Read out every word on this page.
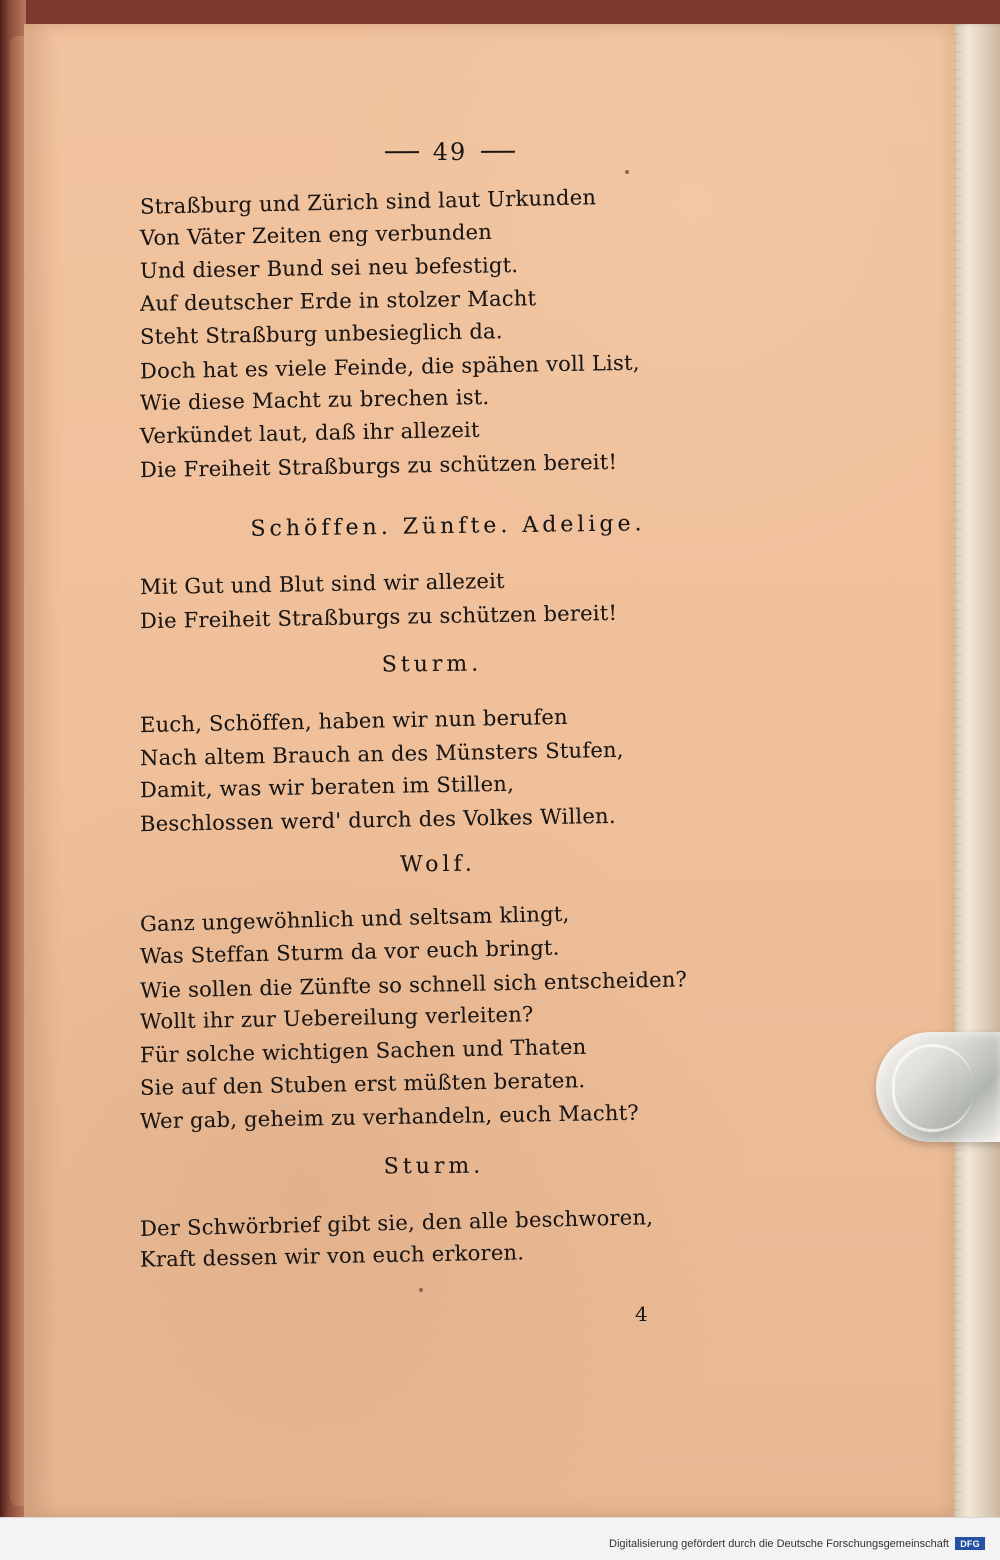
49
Straßburg und Zürich sind laut Urkunden
Von Väter Zeiten eng verbunden
Und dieser Bund sei neu befestigt.
Auf deutscher Erde in stolzer Macht
Steht Straßburg unbesieglich da.
Doch hat es viele Feinde, die spähen voll List,
Wie diese Macht zu brechen ist.
Verkündet laut, daß ihr allezeit
Die Freiheit Straßburgs zu schützen bereit!
Schöffen. Zünfte. Adelige.
Mit Gut und Blut sind wir allezeit
Die Freiheit Straßburgs zu schützen bereit!
Sturm.
Euch, Schöffen, haben wir nun berufen
Nach altem Brauch an des Münsters Stufen,
Damit, was wir beraten im Stillen,
Beschlossen werd' durch des Volkes Willen.
Wolf.
Ganz ungewöhnlich und seltsam klingt,
Was Steffan Sturm da vor euch bringt.
Wie sollen die Zünfte so schnell sich entscheiden?
Wollt ihr zur Uebereilung verleiten?
Für solche wichtigen Sachen und Thaten
Sie auf den Stuben erst müßten beraten.
Wer gab, geheim zu verhandeln, euch Macht?
Sturm.
Der Schwörbrief gibt sie, den alle beschworen,
Kraft dessen wir von euch erkoren.
4
Digitalisierung gefördert durch die Deutsche Forschungsgemeinschaft	DFG
